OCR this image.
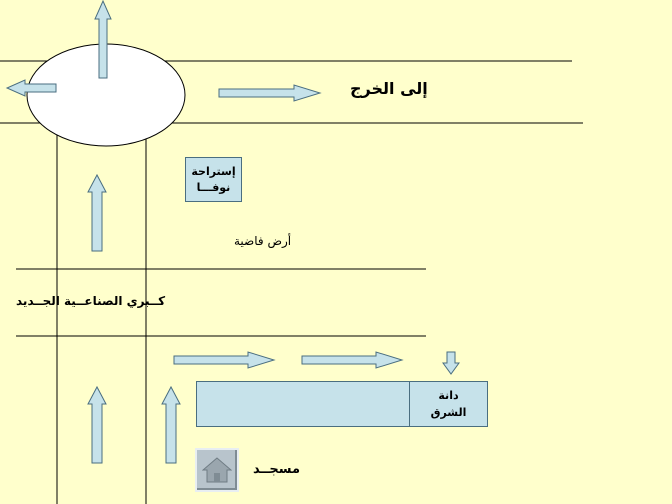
إلى الخرج
إستراحة
نوفـــا
أرض فاضية
كــبري الصناعــية الجــديد
دانة
الشرق
مسجــد
